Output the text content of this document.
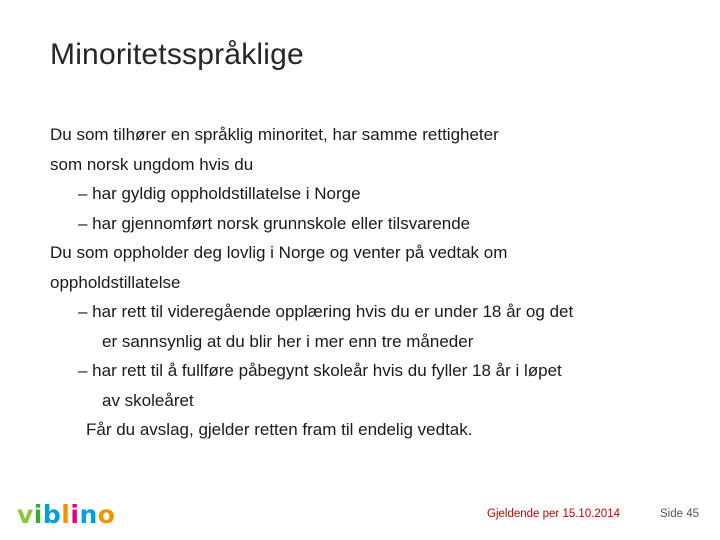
Minoritetsspråklige
Du som tilhører en språklig minoritet, har samme rettigheter
som norsk ungdom hvis du
– har gyldig oppholdstillatelse i Norge
– har gjennomført norsk grunnskole eller tilsvarende
Du som oppholder deg lovlig i Norge og venter på vedtak om
oppholdstillatelse
– har rett til videregående opplæring hvis du er under 18 år og det
er sannsynlig at du blir her i mer enn tre måneder
– har rett til å fullføre påbegynt skoleår hvis du fyller 18 år i løpet
av skoleåret
Får du avslag, gjelder retten fram til endelig vedtak.
viblino	Gjeldende per 15.10.2014	Side 45
